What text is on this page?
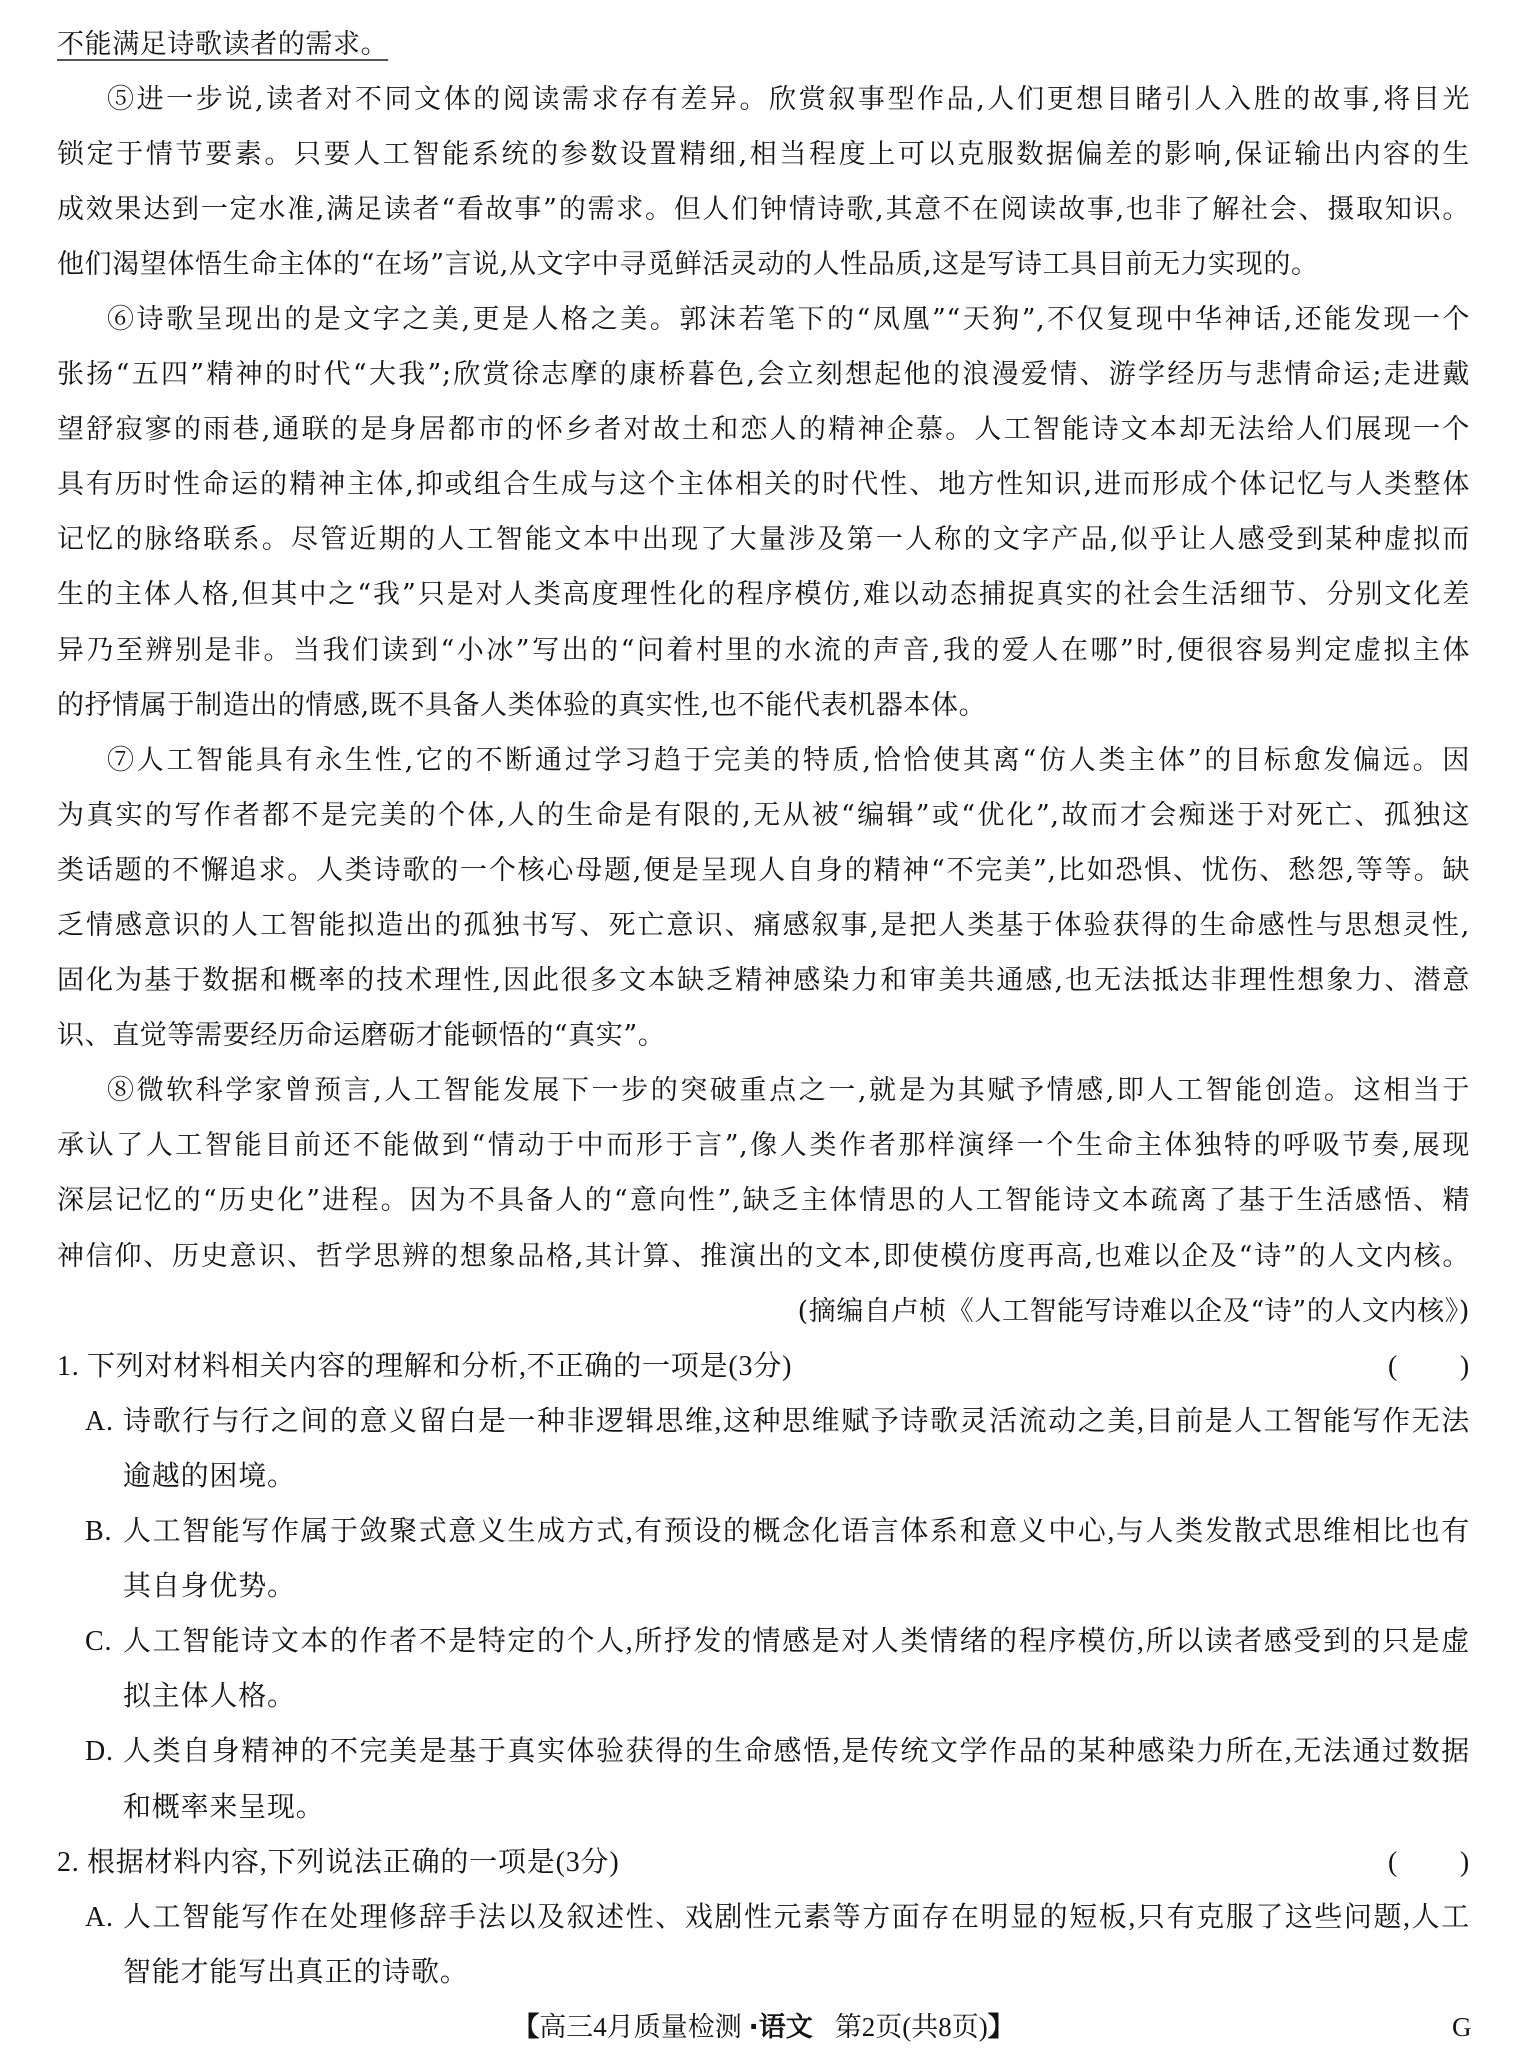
不能满足诗歌读者的需求。
⑤进一步说,读者对不同文体的阅读需求存有差异。欣赏叙事型作品,人们更想目睹引人入胜的故事,将目光
锁定于情节要素。只要人工智能系统的参数设置精细,相当程度上可以克服数据偏差的影响,保证输出内容的生
成效果达到一定水准,满足读者“看故事”的需求。但人们钟情诗歌,其意不在阅读故事,也非了解社会、摄取知识。
他们渴望体悟生命主体的“在场”言说,从文字中寻觅鲜活灵动的人性品质,这是写诗工具目前无力实现的。
⑥诗歌呈现出的是文字之美,更是人格之美。郭沫若笔下的“凤凰”“天狗”,不仅复现中华神话,还能发现一个
张扬“五四”精神的时代“大我”;欣赏徐志摩的康桥暮色,会立刻想起他的浪漫爱情、游学经历与悲情命运;走进戴
望舒寂寥的雨巷,通联的是身居都市的怀乡者对故土和恋人的精神企慕。人工智能诗文本却无法给人们展现一个
具有历时性命运的精神主体,抑或组合生成与这个主体相关的时代性、地方性知识,进而形成个体记忆与人类整体
记忆的脉络联系。尽管近期的人工智能文本中出现了大量涉及第一人称的文字产品,似乎让人感受到某种虚拟而
生的主体人格,但其中之“我”只是对人类高度理性化的程序模仿,难以动态捕捉真实的社会生活细节、分别文化差
异乃至辨别是非。当我们读到“小冰”写出的“问着村里的水流的声音,我的爱人在哪”时,便很容易判定虚拟主体
的抒情属于制造出的情感,既不具备人类体验的真实性,也不能代表机器本体。
⑦人工智能具有永生性,它的不断通过学习趋于完美的特质,恰恰使其离“仿人类主体”的目标愈发偏远。因
为真实的写作者都不是完美的个体,人的生命是有限的,无从被“编辑”或“优化”,故而才会痴迷于对死亡、孤独这
类话题的不懈追求。人类诗歌的一个核心母题,便是呈现人自身的精神“不完美”,比如恐惧、忧伤、愁怨,等等。缺
乏情感意识的人工智能拟造出的孤独书写、死亡意识、痛感叙事,是把人类基于体验获得的生命感性与思想灵性,
固化为基于数据和概率的技术理性,因此很多文本缺乏精神感染力和审美共通感,也无法抵达非理性想象力、潜意
识、直觉等需要经历命运磨砺才能顿悟的“真实”。
⑧微软科学家曾预言,人工智能发展下一步的突破重点之一,就是为其赋予情感,即人工智能创造。这相当于
承认了人工智能目前还不能做到“情动于中而形于言”,像人类作者那样演绎一个生命主体独特的呼吸节奏,展现
深层记忆的“历史化”进程。因为不具备人的“意向性”,缺乏主体情思的人工智能诗文本疏离了基于生活感悟、精
神信仰、历史意识、哲学思辨的想象品格,其计算、推演出的文本,即使模仿度再高,也难以企及“诗”的人文内核。
(摘编自卢桢《人工智能写诗难以企及“诗”的人文内核》)
1. 下列对材料相关内容的理解和分析,不正确的一项是(3分)	( )
A. 诗歌行与行之间的意义留白是一种非逻辑思维,这种思维赋予诗歌灵活流动之美,目前是人工智能写作无法
逾越的困境。
B. 人工智能写作属于敛聚式意义生成方式,有预设的概念化语言体系和意义中心,与人类发散式思维相比也有
其自身优势。
C. 人工智能诗文本的作者不是特定的个人,所抒发的情感是对人类情绪的程序模仿,所以读者感受到的只是虚
拟主体人格。
D. 人类自身精神的不完美是基于真实体验获得的生命感悟,是传统文学作品的某种感染力所在,无法通过数据
和概率来呈现。
2. 根据材料内容,下列说法正确的一项是(3分)	( )
A. 人工智能写作在处理修辞手法以及叙述性、戏剧性元素等方面存在明显的短板,只有克服了这些问题,人工
智能才能写出真正的诗歌。
【高三4月质量检测 ·语文 第2页(共8页)】	G
